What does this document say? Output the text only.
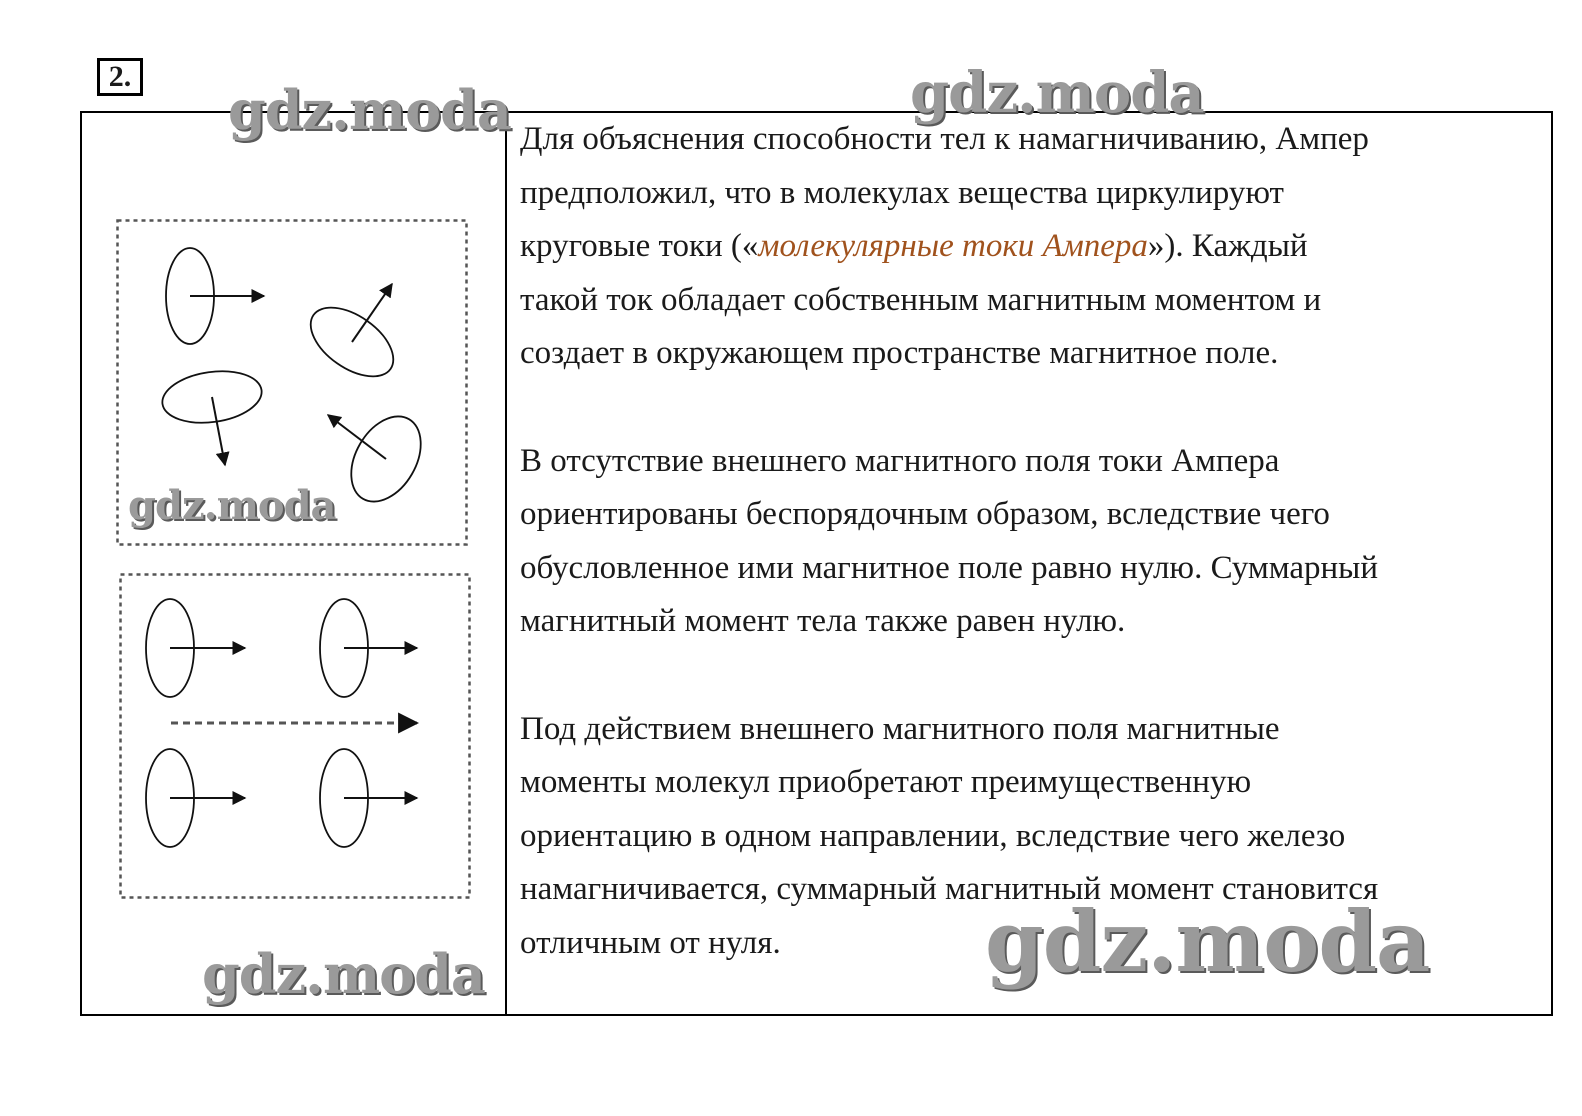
2.

Для объяснения способности тел к намагничиванию, Ампер
предположил, что в молекулах вещества циркулируют
круговые токи («молекулярные токи Ампера»). Каждый
такой ток обладает собственным магнитным моментом и
создает в окружающем пространстве магнитное поле.

В отсутствие внешнего магнитного поля токи Ампера
ориентированы беспорядочным образом, вследствие чего
обусловленное ими магнитное поле равно нулю. Суммарный
магнитный момент тела также равен нулю.

Под действием внешнего магнитного поля магнитные
моменты молекул приобретают преимущественную
ориентацию в одном направлении, вследствие чего железо
намагничивается, суммарный магнитный момент становится
отличным от нуля.

gdz.moda	gdz.moda
gdz.moda
gdz.moda	gdz.moda
